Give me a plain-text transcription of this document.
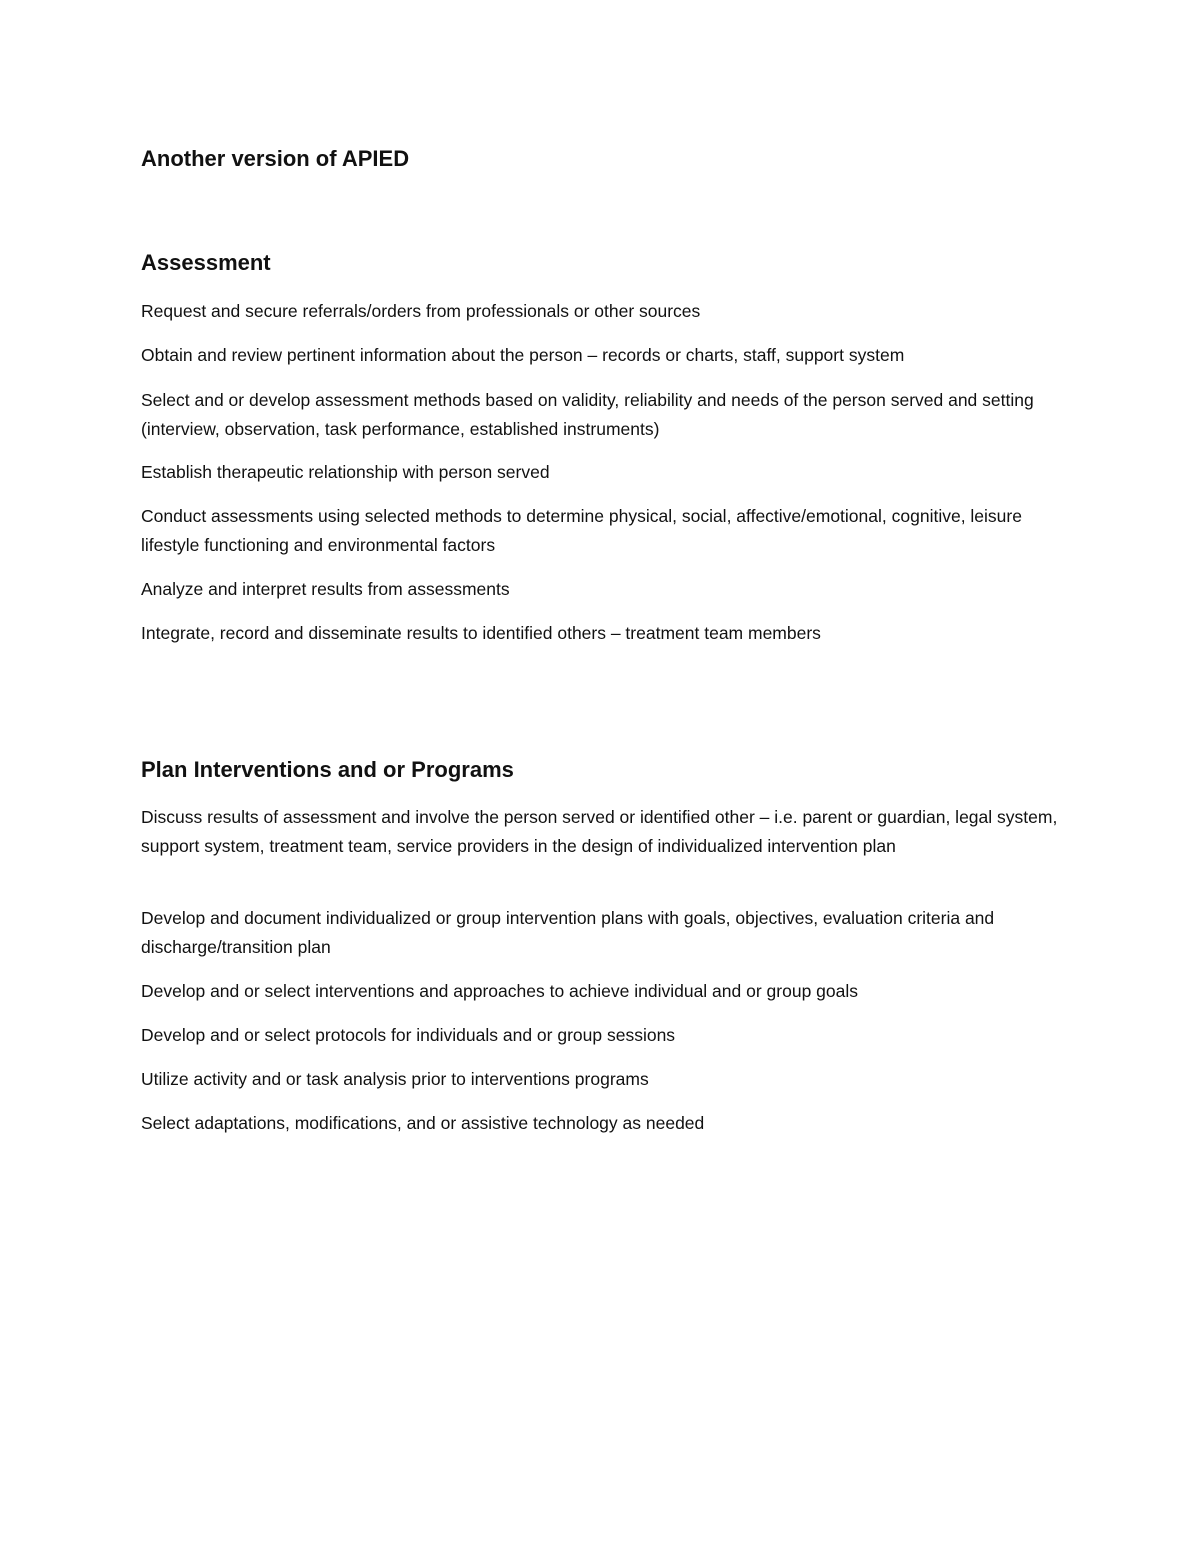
Another version of APIED
Assessment

Request and secure referrals/orders from professionals or other sources

Obtain and review pertinent information about the person – records or charts, staff, support system

Select and or develop assessment methods based on validity, reliability and needs of the person served and setting (interview, observation, task performance, established instruments)

Establish therapeutic relationship with person served

Conduct assessments using selected methods to determine physical, social, affective/emotional, cognitive, leisure lifestyle functioning and environmental factors

Analyze and interpret results from assessments

Integrate, record and disseminate results to identified others – treatment team members

Plan Interventions and or Programs

Discuss results of assessment and involve the person served or identified other – i.e. parent or guardian, legal system, support system, treatment team, service providers in the design of individualized intervention plan

Develop and document individualized or group intervention plans with goals, objectives, evaluation criteria and discharge/transition plan

Develop and or select interventions and approaches to achieve individual and or group goals

Develop and or select protocols for individuals and or group sessions

Utilize activity and or task analysis prior to interventions programs

Select adaptations, modifications, and or assistive technology as needed
